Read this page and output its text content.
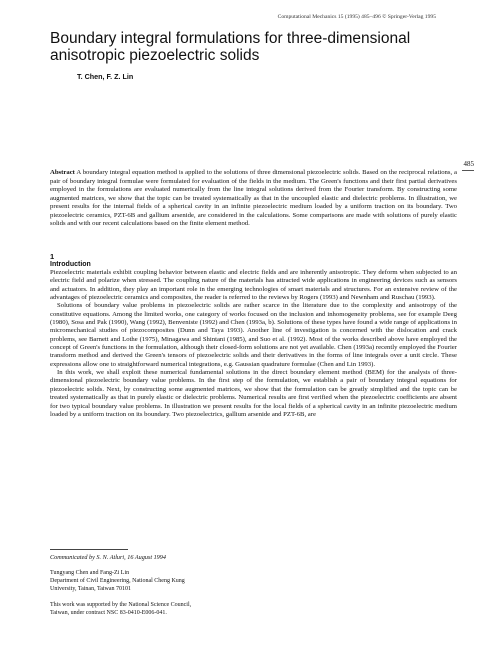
Computational Mechanics 15 (1995) 485–496 © Springer-Verlag 1995
Boundary integral formulations for three-dimensional
anisotropic piezoelectric solids

T. Chen, F. Z. Lin

485

Abstract A boundary integral equation method is applied to the solutions of three dimensional piezoelectric solids. Based on the reciprocal relations, a pair of boundary integral formulae were formulated for evaluation of the fields in the medium. The Green's functions and their first partial derivatives employed in the formulations are evaluated numerically from the line integral solutions derived from the Fourier transform. By constructing some augmented matrices, we show that the topic can be treated systematically as that in the uncoupled elastic and dielectric problems. In illustration, we present results for the internal fields of a spherical cavity in an infinite piezoelectric medium loaded by a uniform traction on its boundary. Two piezoelectric ceramics, PZT-6B and gallium arsenide, are considered in the calculations. Some comparisons are made with solutions of purely elastic solids and with our recent calculations based on the finite element method.

1
Introduction

Piezoelectric materials exhibit coupling behavior between elastic and electric fields and are inherently anisotropic. They deform when subjected to an electric field and polarize when stressed. The coupling nature of the materials has attracted wide applications in engineering devices such as sensors and actuators. In addition, they play an important role in the emerging technologies of smart materials and structures. For an extensive review of the advantages of piezoelectric ceramics and composites, the reader is referred to the reviews by Rogers (1993) and Newnham and Ruschau (1993).

Solutions of boundary value problems in piezoelectric solids are rather scarce in the literature due to the complexity and anisotropy of the constitutive equations. Among the limited works, one category of works focused on the inclusion and inhomogeneity problems, see for example Deeg (1980), Sosa and Pak (1990), Wang (1992), Benveniste (1992) and Chen (1993a, b). Solutions of these types have found a wide range of applications in micromechanical studies of piezocomposites (Dunn and Taya 1993). Another line of investigation is concerned with the dislocation and crack problems, see Barnett and Lothe (1975), Minagawa and Shintani (1985), and Suo et al. (1992). Most of the works described above have employed the concept of Green's functions in the formulation, although their closed-form solutions are not yet available. Chen (1993a) recently employed the Fourier transform method and derived the Green's tensors of piezoelectric solids and their derivatives in the forms of line integrals over a unit circle. These expressions allow one to straightforward numerical integrations, e.g. Gaussian quadrature formulae (Chen and Lin 1993).

In this work, we shall exploit these numerical fundamental solutions in the direct boundary element method (BEM) for the analysis of three-dimensional piezoelectric boundary value problems. In the first step of the formulation, we establish a pair of boundary integral equations for piezoelectric solids. Next, by constructing some augmented matrices, we show that the formulation can be greatly simplified and the topic can be treated systematically as that in purely elastic or dielectric problems. Numerical results are first verified when the piezoelectric coefficients are absent for two typical boundary value problems. In illustration we present results for the local fields of a spherical cavity in an infinite piezoelectric medium loaded by a uniform traction on its boundary. Two piezoelectrics, gallium arsenide and PZT-6B, are

Communicated by S. N. Atluri, 16 August 1994
Tungyang Chen and Fang-Zi Lin
Department of Civil Engineering, National Cheng Kung
University, Tainan, Taiwan 70101
This work was supported by the National Science Council,
Taiwan, under contract NSC 83-0410-E006-041.
